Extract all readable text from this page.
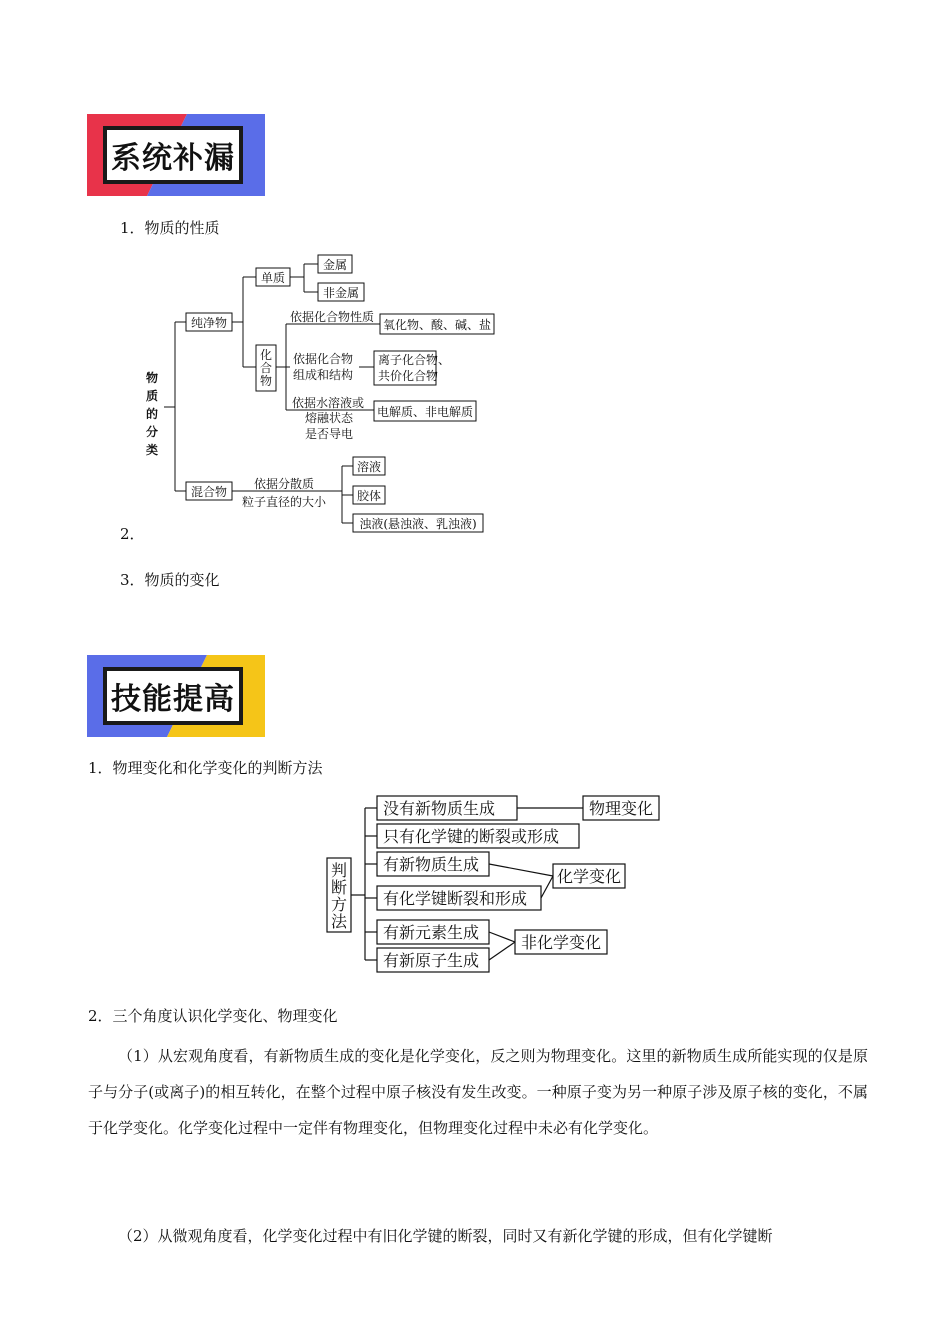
系统补漏
1．物质的性质
物
质
的
分
类
纯净物
单质
金属
非金属
化
合
物
依据化合物性质
氧化物、酸、碱、盐
依据化合物
组成和结构
离子化合物、
共价化合物
依据水溶液或
熔融状态
是否导电
电解质、非电解质
混合物
依据分散质
粒子直径的大小
溶液
胶体
浊液(悬浊液、乳浊液)
2．
3．物质的变化
技能提高
1．物理变化和化学变化的判断方法
判
断
方
法
没有新物质生成
只有化学键的断裂或形成
有新物质生成
有化学键断裂和形成
有新元素生成
有新原子生成
物理变化
化学变化
非化学变化
2．三个角度认识化学变化、物理变化
（1）从宏观角度看，有新物质生成的变化是化学变化，反之则为物理变化。这里的新物质生成所能实现的仅是原子与分子(或离子)的相互转化，在整个过程中原子核没有发生改变。一种原子变为另一种原子涉及原子核的变化，不属于化学变化。化学变化过程中一定伴有物理变化，但物理变化过程中未必有化学变化。
（2）从微观角度看，化学变化过程中有旧化学键的断裂，同时又有新化学键的形成，但有化学键断
